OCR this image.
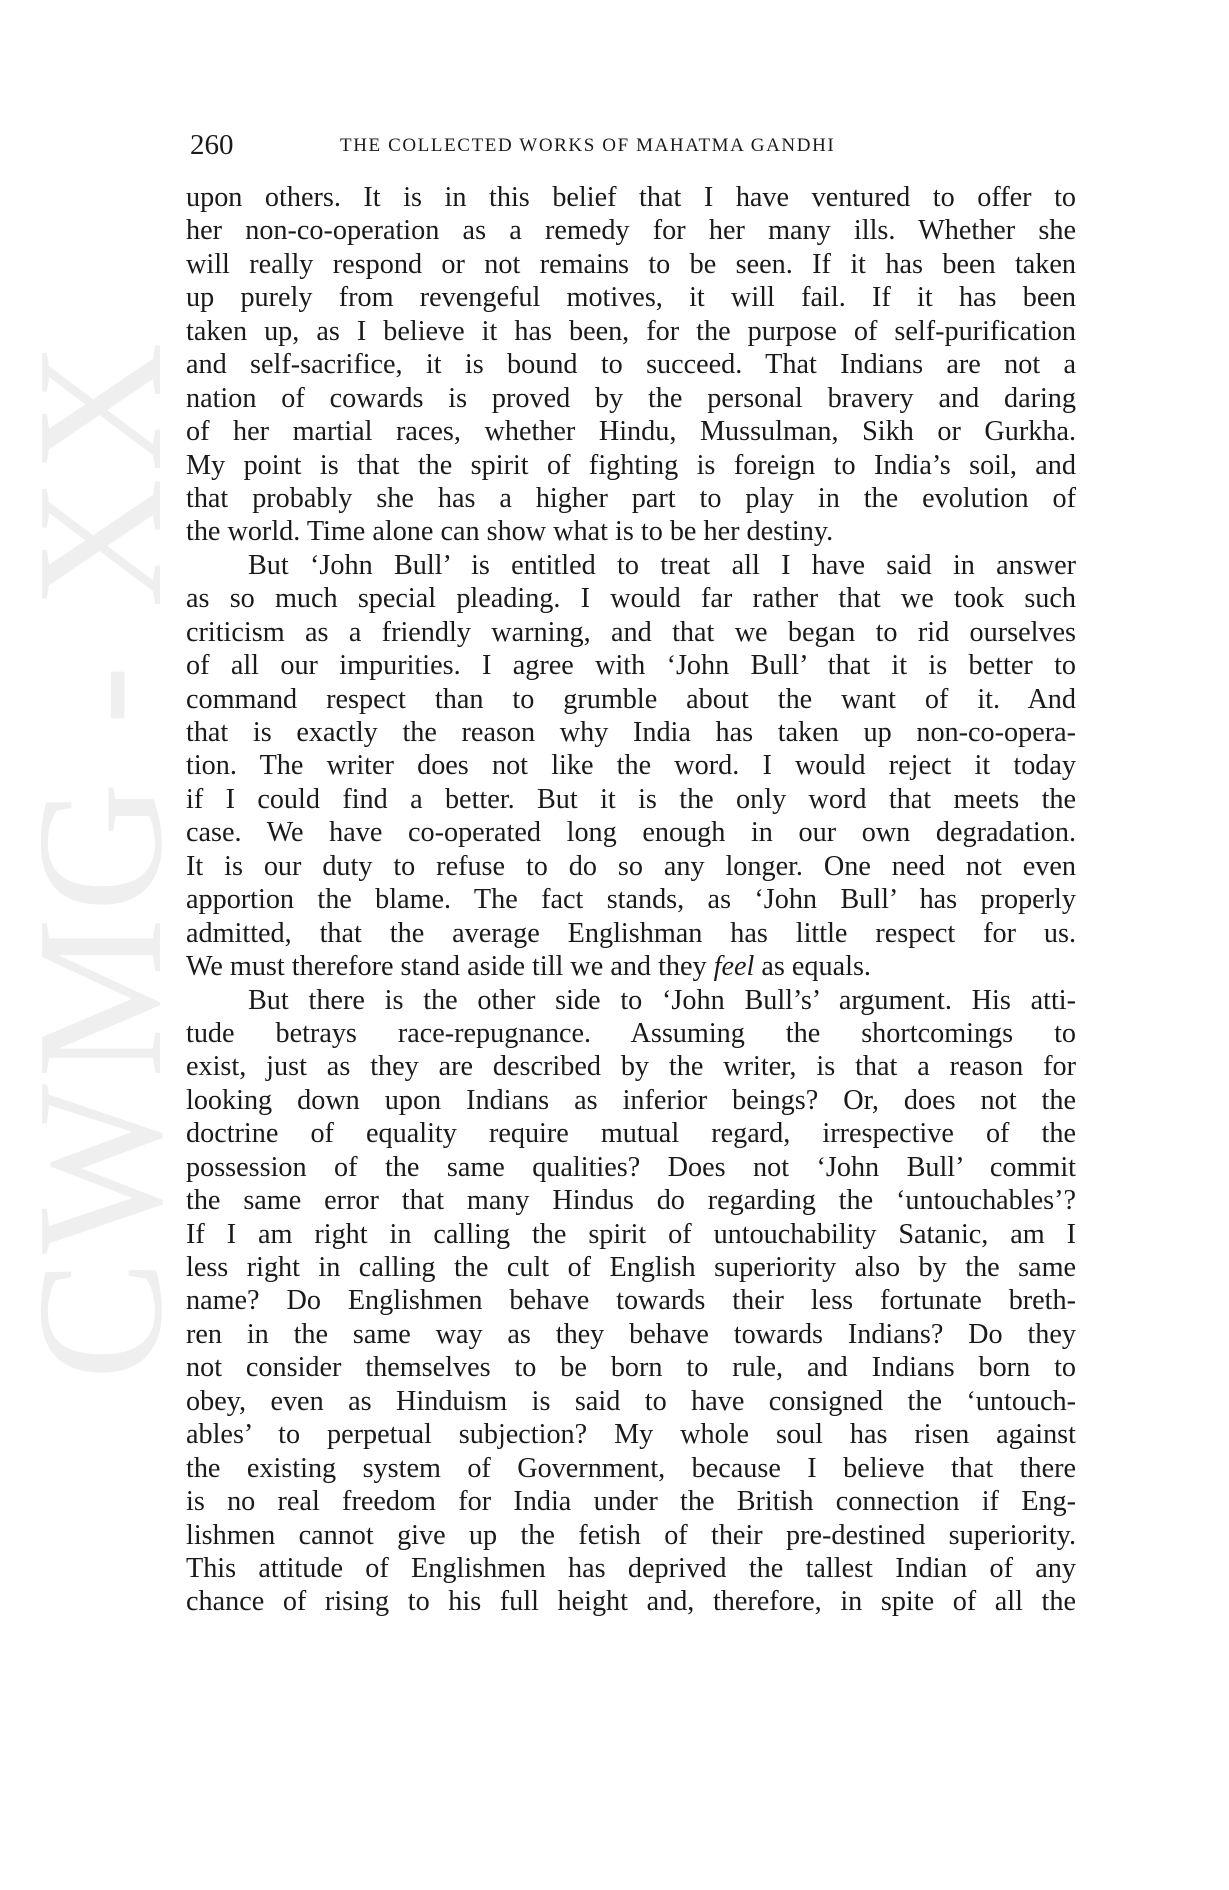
CWMG - XX
260	THE COLLECTED WORKS OF MAHATMA GANDHI
upon others. It is in this belief that I have ventured to offer to
her non-co-operation as a remedy for her many ills. Whether she
will really respond or not remains to be seen. If it has been taken
up purely from revengeful motives, it will fail. If it has been
taken up, as I believe it has been, for the purpose of self-purification
and self-sacrifice, it is bound to succeed. That Indians are not a
nation of cowards is proved by the personal bravery and daring
of her martial races, whether Hindu, Mussulman, Sikh or Gurkha.
My point is that the spirit of fighting is foreign to India’s soil, and
that probably she has a higher part to play in the evolution of
the world. Time alone can show what is to be her destiny.
But ‘John Bull’ is entitled to treat all I have said in answer
as so much special pleading. I would far rather that we took such
criticism as a friendly warning, and that we began to rid ourselves
of all our impurities. I agree with ‘John Bull’ that it is better to
command respect than to grumble about the want of it. And
that is exactly the reason why India has taken up non-co-opera-
tion. The writer does not like the word. I would reject it today
if I could find a better. But it is the only word that meets the
case. We have co-operated long enough in our own degradation.
It is our duty to refuse to do so any longer. One need not even
apportion the blame. The fact stands, as ‘John Bull’ has properly
admitted, that the average Englishman has little respect for us.
We must therefore stand aside till we and they feel as equals.
But there is the other side to ‘John Bull’s’ argument. His atti-
tude betrays race-repugnance. Assuming the shortcomings to
exist, just as they are described by the writer, is that a reason for
looking down upon Indians as inferior beings? Or, does not the
doctrine of equality require mutual regard, irrespective of the
possession of the same qualities? Does not ‘John Bull’ commit
the same error that many Hindus do regarding the ‘untouchables’?
If I am right in calling the spirit of untouchability Satanic, am I
less right in calling the cult of English superiority also by the same
name? Do Englishmen behave towards their less fortunate breth-
ren in the same way as they behave towards Indians? Do they
not consider themselves to be born to rule, and Indians born to
obey, even as Hinduism is said to have consigned the ‘untouch-
ables’ to perpetual subjection? My whole soul has risen against
the existing system of Government, because I believe that there
is no real freedom for India under the British connection if Eng-
lishmen cannot give up the fetish of their pre-destined superiority.
This attitude of Englishmen has deprived the tallest Indian of any
chance of rising to his full height and, therefore, in spite of all the
